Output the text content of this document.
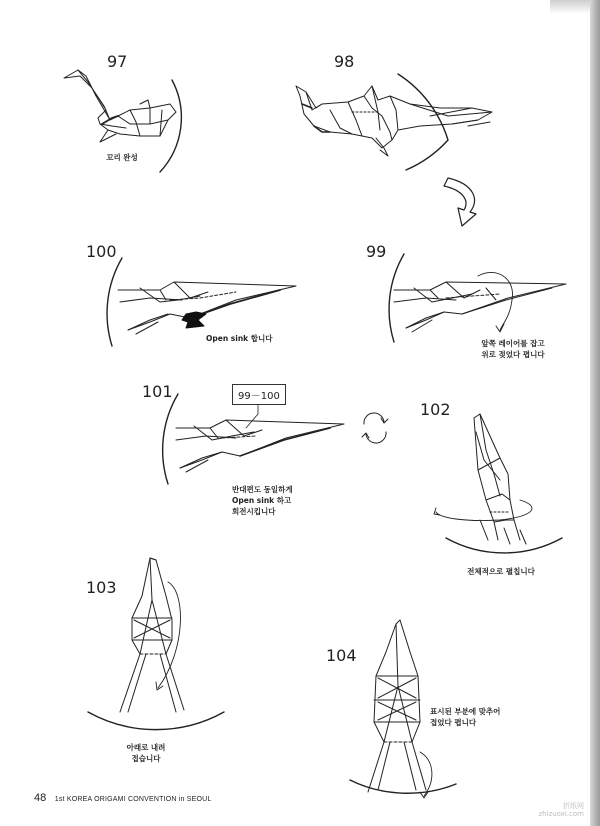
97	98
99
100
101
102
103
104
꼬리 완성
앞쪽 레이어를 잡고
위로 젖었다 폅니다
Open sink 합니다
반대편도 동일하게
Open sink 하고
회전시킵니다
99－100
전체적으로 펼칩니다
아래로 내려
접습니다
표시된 부분에 맞추어
접었다 폅니다
48 1st KOREA ORIGAMI CONVENTION in SEOUL
折纸网
zhizuoxi.com
